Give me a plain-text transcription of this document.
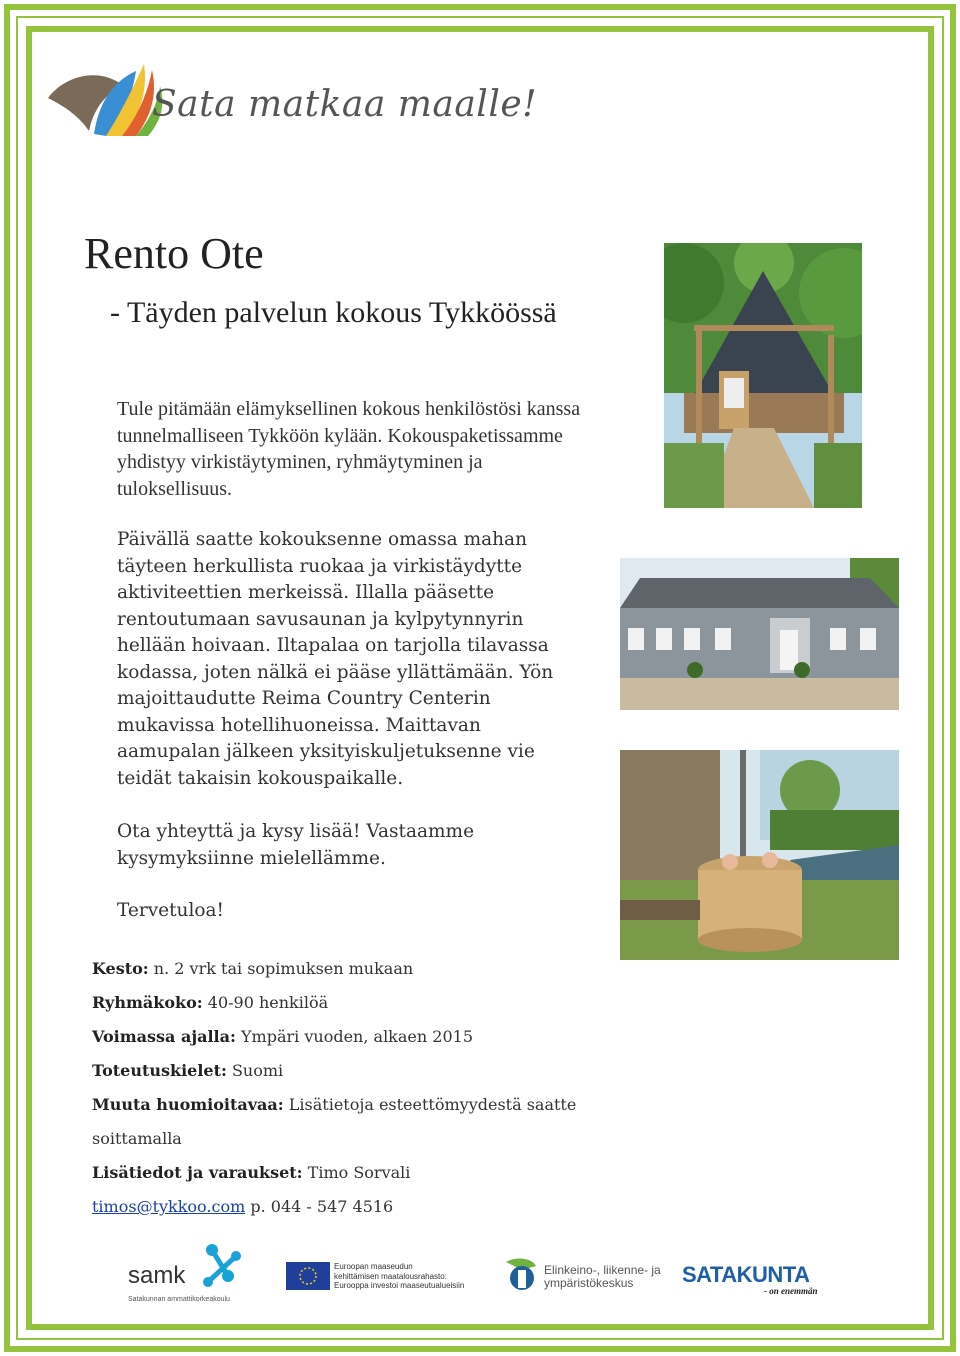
Sata matkaa maalle!
Rento Ote
- Täyden palvelun kokous Tykköössä

Tule pitämään elämyksellinen kokous henkilöstösi kanssa tunnelmalliseen Tykköön kylään. Kokouspaketissamme yhdistyy virkistäytyminen, ryhmäytyminen ja tuloksellisuus.

Päivällä saatte kokouksenne omassa mahan täyteen herkullista ruokaa ja virkistäydytte aktiviteettien merkeissä. Illalla pääsette rentoutumaan savusaunan ja kylpytynnyrin hellään hoivaan. Iltapalaa on tarjolla tilavassa kodassa, joten nälkä ei pääse yllättämään. Yön majoittaudutte Reima Country Centerin mukavissa hotellihuoneissa. Maittavan aamupalan jälkeen yksityiskuljetuksenne vie teidät takaisin kokouspaikalle.

Ota yhteyttä ja kysy lisää! Vastaamme kysymyksiinne mielellämme.

Tervetuloa!

Kesto: n. 2 vrk tai sopimuksen mukaan

Ryhmäkoko: 40-90 henkilöä

Voimassa ajalla: Ympäri vuoden, alkaen 2015

Toteutuskielet: Suomi

Muuta huomioitavaa: Lisätietoja esteettömyydestä saatte

soittamalla

Lisätiedot ja varaukset: Timo Sorvali

timos@tykkoo.com p. 044 - 547 4516

samk
Satakunnan ammattikorkeakoulu
Euroopan maaseudun
kehittämisen maatalousrahasto:
Eurooppa investoi maaseutualueisiin
Elinkeino-, liikenne- ja
ympäristökeskus	SATAKUNTA
- on enemmän
